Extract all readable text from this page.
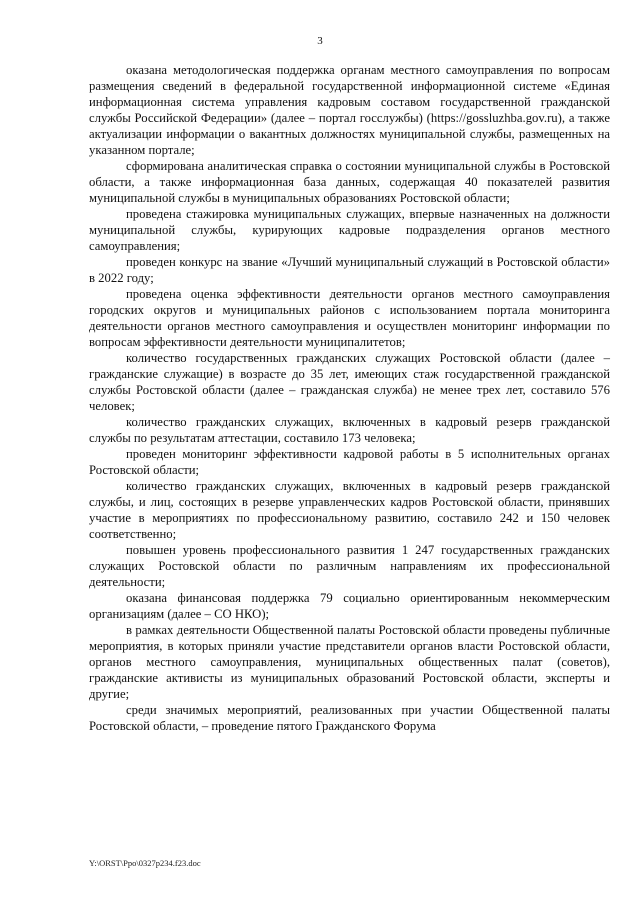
3

оказана методологическая поддержка органам местного самоуправления по вопросам размещения сведений в федеральной государственной информационной системе «Единая информационная система управления кадровым составом государственной гражданской службы Российской Федерации» (далее – портал госслужбы) (https://gossluzhba.gov.ru), а также актуализации информации о вакантных должностях муниципальной службы, размещенных на указанном портале;

сформирована аналитическая справка о состоянии муниципальной службы в Ростовской области, а также информационная база данных, содержащая 40 показателей развития муниципальной службы в муниципальных образованиях Ростовской области;

проведена стажировка муниципальных служащих, впервые назначенных на должности муниципальной службы, курирующих кадровые подразделения органов местного самоуправления;

проведен конкурс на звание «Лучший муниципальный служащий в Ростовской области» в 2022 году;

проведена оценка эффективности деятельности органов местного самоуправления городских округов и муниципальных районов с использованием портала мониторинга деятельности органов местного самоуправления и осуществлен мониторинг информации по вопросам эффективности деятельности муниципалитетов;

количество государственных гражданских служащих Ростовской области (далее – гражданские служащие) в возрасте до 35 лет, имеющих стаж государственной гражданской службы Ростовской области (далее – гражданская служба) не менее трех лет, составило 576 человек;

количество гражданских служащих, включенных в кадровый резерв гражданской службы по результатам аттестации, составило 173 человека;

проведен мониторинг эффективности кадровой работы в 5 исполнительных органах Ростовской области;

количество гражданских служащих, включенных в кадровый резерв гражданской службы, и лиц, состоящих в резерве управленческих кадров Ростовской области, принявших участие в мероприятиях по профессиональному развитию, составило 242 и 150 человек соответственно;

повышен уровень профессионального развития 1 247 государственных гражданских служащих Ростовской области по различным направлениям их профессиональной деятельности;

оказана финансовая поддержка 79 социально ориентированным некоммерческим организациям (далее – СО НКО);

в рамках деятельности Общественной палаты Ростовской области проведены публичные мероприятия, в которых приняли участие представители органов власти Ростовской области, органов местного самоуправления, муниципальных общественных палат (советов), гражданские активисты из муниципальных образований Ростовской области, эксперты и другие;

среди значимых мероприятий, реализованных при участии Общественной палаты Ростовской области, – проведение пятого Гражданского Форума

Y:\ORST\Ppo\0327p234.f23.doc
